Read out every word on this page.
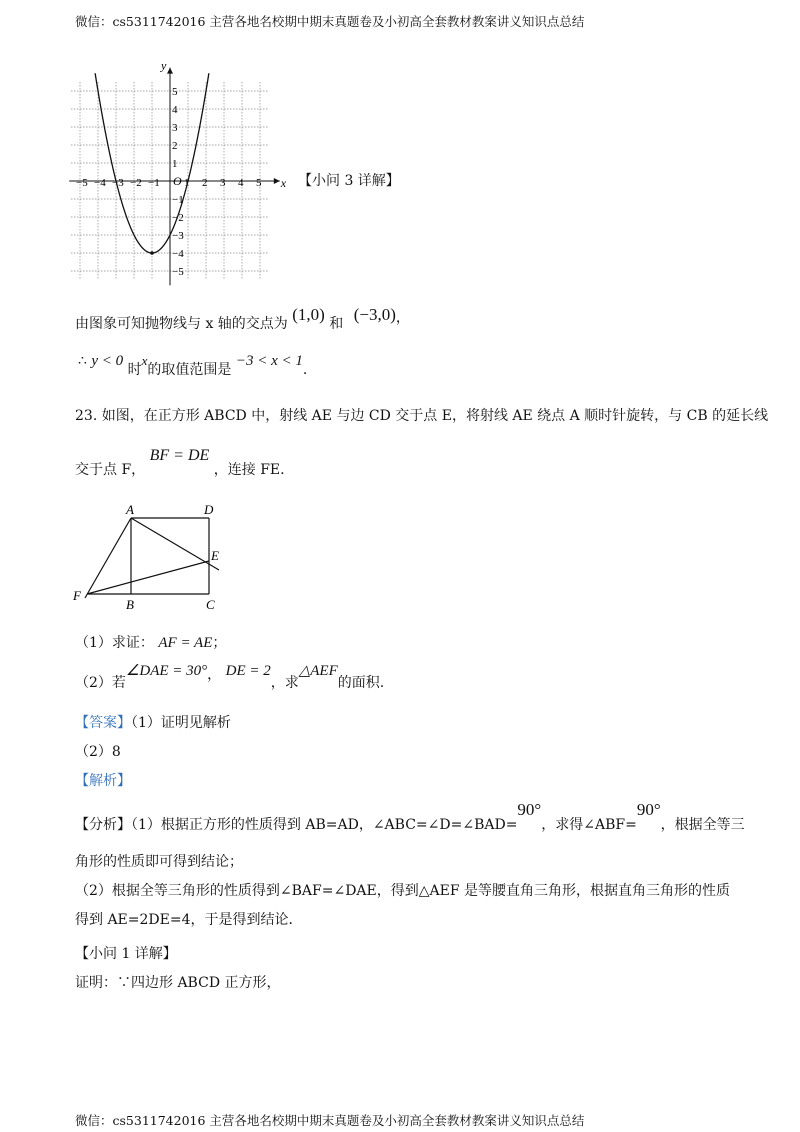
微信：cs5311742016 主营各地名校期中期末真题卷及小初高全套教材教案讲义知识点总结
−5 −4 −3 −2 −1 1 2 3 4 5
5
4
3
2
1
−1
−2
−3
−4
−5
O	x
y
【小问 3 详解】
由图象可知抛物线与 x 轴的交点为 (1,0) 和 (−3,0)，
∴ y < 0 时x的取值范围是 −3 < x < 1.
23. 如图，在正方形 ABCD 中，射线 AE 与边 CD 交于点 E，将射线 AE 绕点 A 顺时针旋转，与 CB 的延长线
交于点 F， BF = DE ，连接 FE.
A	D
E
F
B	C
（1）求证： AF = AE；
（2）若∠DAE = 30°， DE = 2，求△AEF的面积.
【答案】（1）证明见解析
（2）8
【解析】
【分析】（1）根据正方形的性质得到 AB=AD，∠ABC=∠D=∠BAD=90°，求得∠ABF=90°，根据全等三
角形的性质即可得到结论；
（2）根据全等三角形的性质得到∠BAF=∠DAE，得到△AEF 是等腰直角三角形，根据直角三角形的性质
得到 AE=2DE=4，于是得到结论．
【小问 1 详解】
证明：∵四边形 ABCD 正方形，
微信：cs5311742016 主营各地名校期中期末真题卷及小初高全套教材教案讲义知识点总结
